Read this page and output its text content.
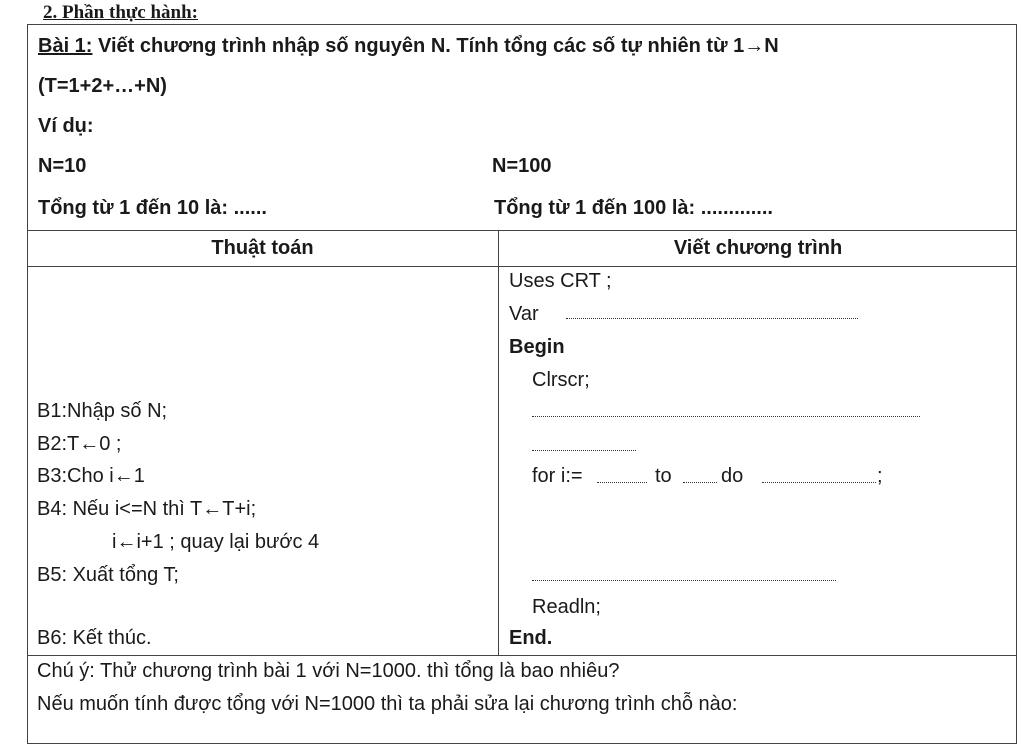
2. Phần thực hành:
Bài 1: Viết chương trình nhập số nguyên N. Tính tổng các số tự nhiên từ 1→N
(T=1+2+…+N)
Ví dụ:
N=10	N=100
Tổng từ 1 đến 10 là: ......	Tổng từ 1 đến 100 là: .............
Thuật toán	Viết chương trình
B1:Nhập số N;
B2:T←0 ;
B3:Cho i←1
B4: Nếu i<=N thì T←T+i;
i←i+1 ; quay lại bước 4
B5: Xuất tổng T;
B6: Kết thúc.
Uses CRT ;
Var
Begin
Clrscr;
for i:=	to do	;
Readln;
End.
Chú ý: Thử chương trình bài 1 với N=1000. thì tổng là bao nhiêu?
Nếu muốn tính được tổng với N=1000 thì ta phải sửa lại chương trình chỗ nào:
